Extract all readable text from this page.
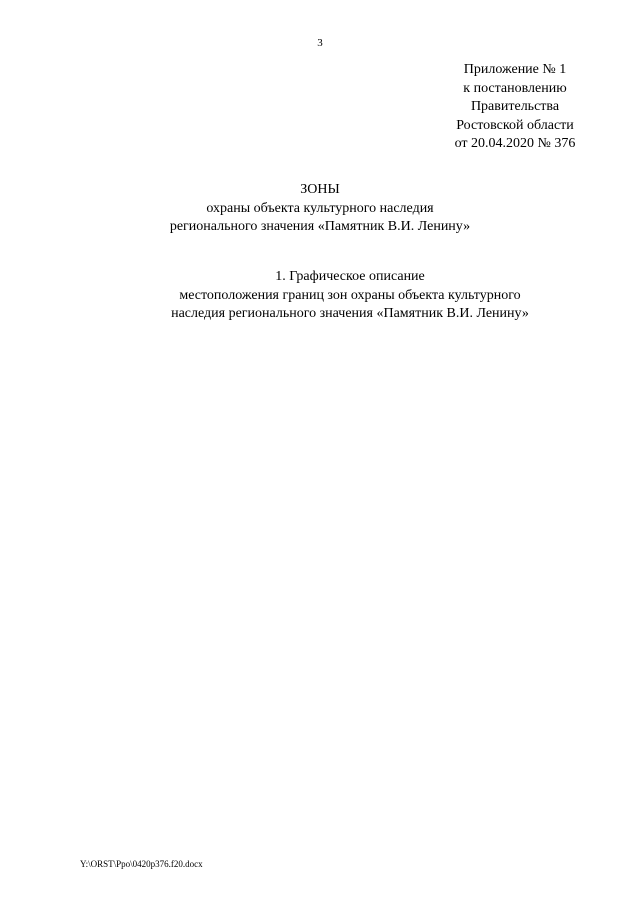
3
Приложение № 1
к постановлению
Правительства
Ростовской области
от 20.04.2020 № 376
ЗОНЫ
охраны объекта культурного наследия
регионального значения «Памятник В.И. Ленину»
1. Графическое описание
местоположения границ зон охраны объекта культурного
наследия регионального значения «Памятник В.И. Ленину»
Y:\ORST\Ppo\0420p376.f20.docx
